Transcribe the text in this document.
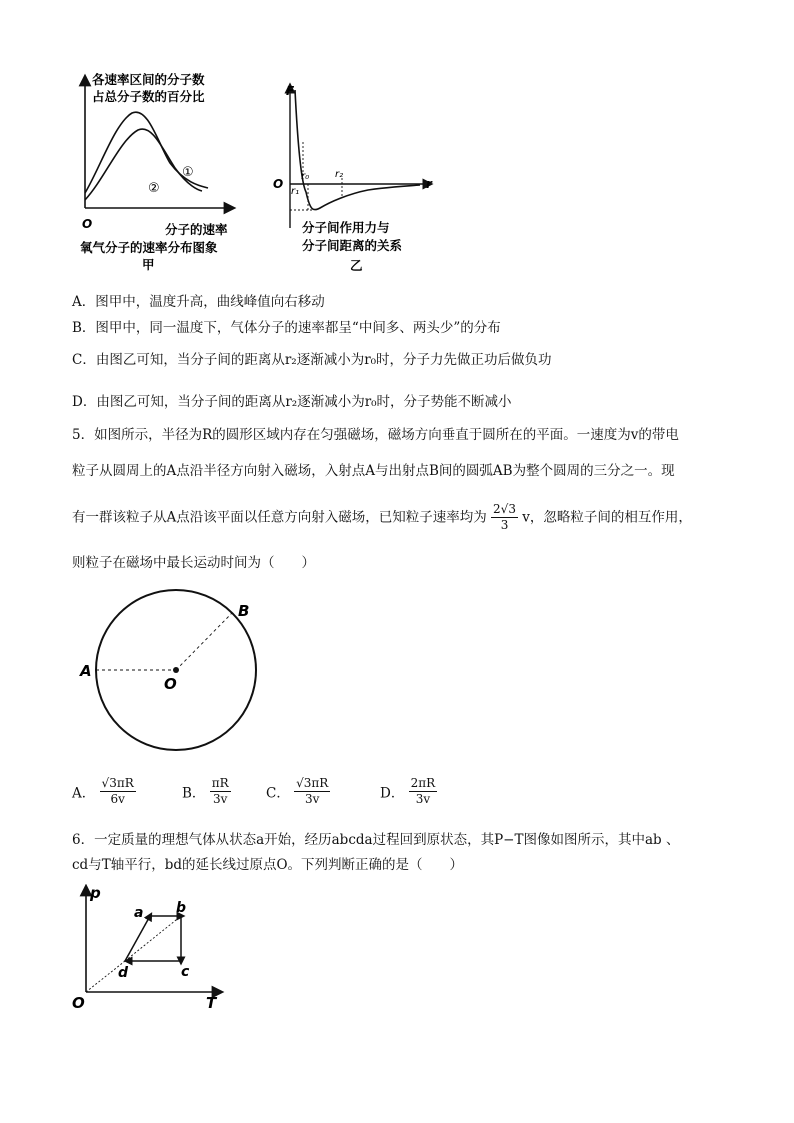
各速率区间的分子数
占总分子数的百分比
O
①
②
分子的速率
氧气分子的速率分布图象
甲
F
r
O
r₀
r₁
r₂
分子间作用力与
分子间距离的关系
乙
A．图甲中，温度升高，曲线峰值向右移动
B．图甲中，同一温度下，气体分子的速率都呈“中间多、两头少”的分布
C．由图乙可知，当分子间的距离从r₂逐渐减小为r₀时，分子力先做正功后做负功
D．由图乙可知，当分子间的距离从r₂逐渐减小为r₀时，分子势能不断减小
5．如图所示，半径为R的圆形区域内存在匀强磁场，磁场方向垂直于圆所在的平面。一速度为v的带电
粒子从圆周上的A点沿半径方向射入磁场，入射点A与出射点B间的圆弧AB为整个圆周的三分之一。现
有一群该粒子从A点沿该平面以任意方向射入磁场，已知粒子速率均为 $\frac{2√3}{3}$ v，忽略粒子间的相互作用，
则粒子在磁场中最长运动时间为（　　）
A
B
O
A． $\frac{√3\pi R}{6v}$	B． $\frac{\pi R}{3v}$	C． $\frac{√3\pi R}{3v}$	D． $\frac{2\pi R}{3v}$
6．一定质量的理想气体从状态a开始，经历abcda过程回到原状态，其P−T图像如图所示，其中ab 、
cd与T轴平行，bd的延长线过原点O。下列判断正确的是（　　）
p
T
O
a b
c
d
